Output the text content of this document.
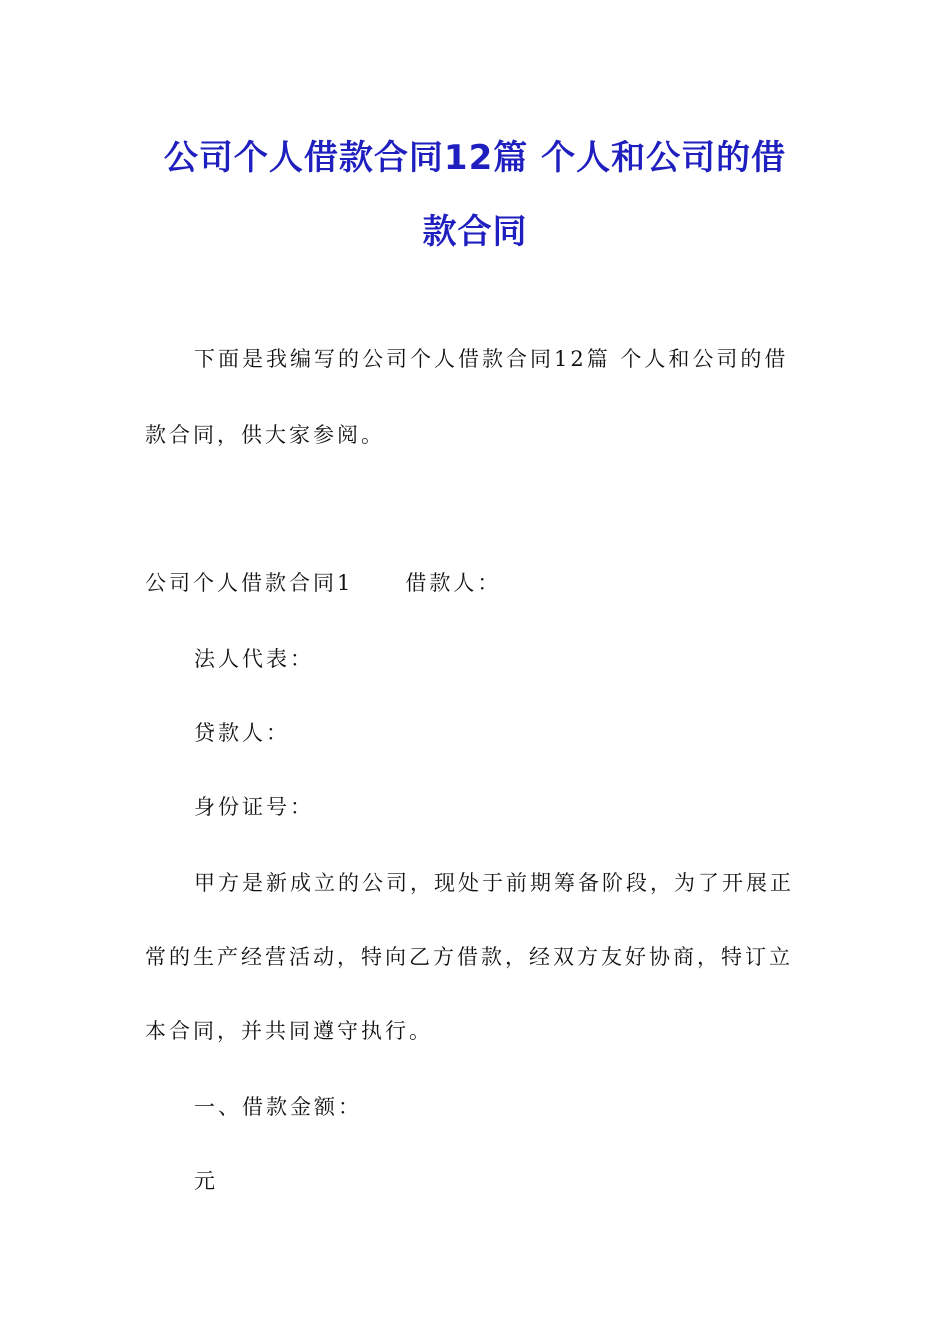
公司个人借款合同12篇 个人和公司的借
款合同
下面是我编写的公司个人借款合同12篇 个人和公司的借
款合同，供大家参阅。
公司个人借款合同1 借款人：
法人代表：
贷款人：
身份证号：
甲方是新成立的公司，现处于前期筹备阶段，为了开展正
常的生产经营活动，特向乙方借款，经双方友好协商，特订立
本合同，并共同遵守执行。
一、借款金额：
元
